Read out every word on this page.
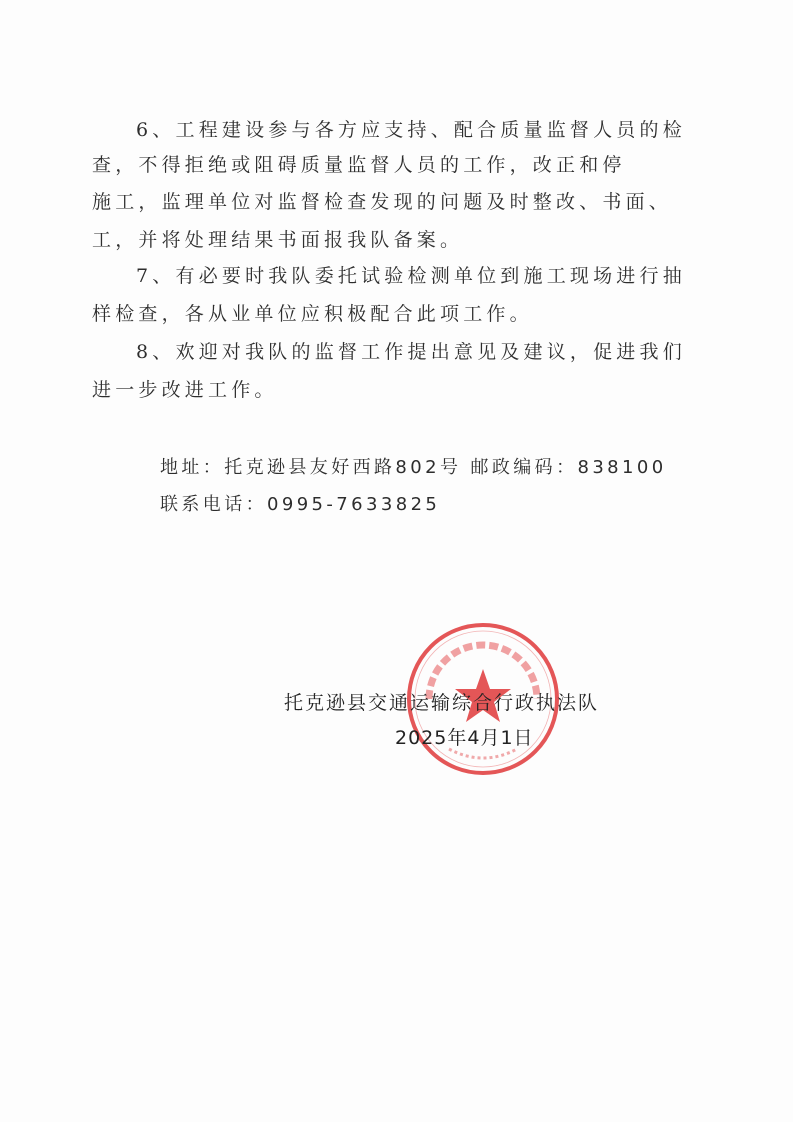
6、工程建设参与各方应支持、配合质量监督人员的检
查，不得拒绝或阻碍质量监督人员的工作，改正和停
施工，监理单位对监督检查发现的问题及时整改、书面、
工，并将处理结果书面报我队备案。
7、有必要时我队委托试验检测单位到施工现场进行抽
样检查，各从业单位应积极配合此项工作。
8、欢迎对我队的监督工作提出意见及建议，促进我们
进一步改进工作。
地址：托克逊县友好西路802号 邮政编码：838100
联系电话：0995-7633825
托克逊县交通运输综合行政执法队
2025年4月1日
